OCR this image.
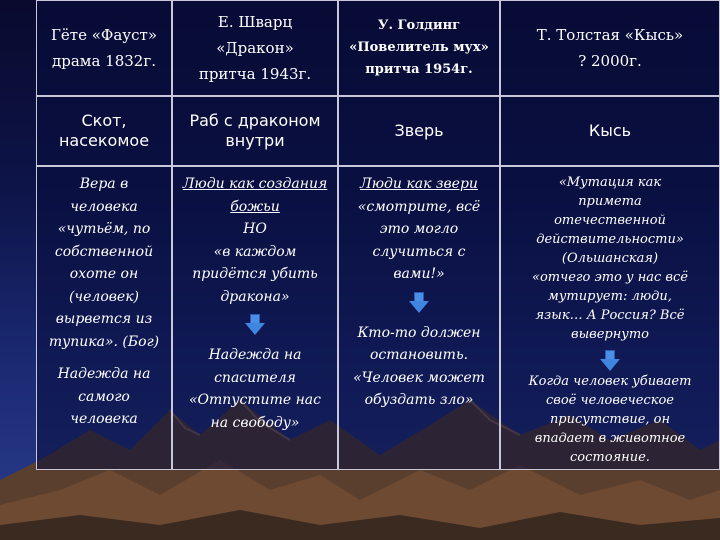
Гёте «Фауст»
драма 1832г.
Е. Шварц «Дракон»
притча 1943г.
У. Голдинг
«Повелитель мух»
притча 1954г.
Т. Толстая «Кысь»
? 2000г.
Скот,
насекомое
Раб с драконом
внутри
Зверь	Кысь
Вера в
человека
«чутьём, по
собственной
охоте он
(человек)
вырвется из
тупика». (Бог)
Надежда на
самого
человека
Люди как создания
божьи
НО
«в каждом
придётся убить
дракона»
Надежда на
спасителя
«Отпустите нас
на свободу»
Люди как звери
«смотрите, всё
это могло
случиться с
вами!»
Кто-то должен
остановить.
«Человек может
обуздать зло»
«Мутация как
примета
отечественной
действительности»
(Ольшанская)
«отчего это у нас всё
мутирует: люди,
язык… А Россия? Всё
вывернуто
Когда человек убивает
своё человеческое
присутствие, он
впадает в животное
состояние.
